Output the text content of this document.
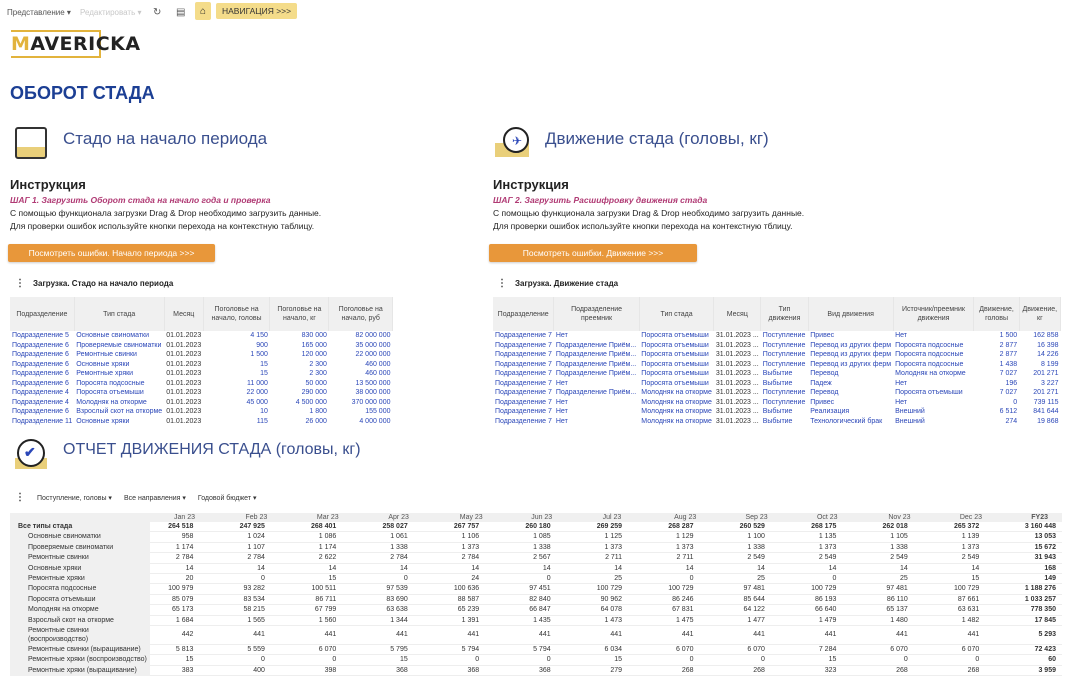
Представление ▾ Редактировать ▾ ↻ ▤	⌂	НАВИГАЦИЯ >>>
M AVERICKA
ОБОРОТ СТАДА
Стадо на начало периода
Инструкция
ШАГ 1. Загрузить Оборот стада на начало года и проверка
С помощью функционала загрузки Drag & Drop необходимо загрузить данные.
Для проверки ошибок используйте кнопки перехода на контекстную таблицу.
Посмотреть ошибки. Начало периода >>>
⋮ Загрузка. Стадо на начало периода
Подразделение	Тип стада	Месяц	Поголовье на начало, головы	Поголовье на начало, кг	Поголовье на начало, руб
Подразделение 5	Основные свиноматки	01.01.2023	4 150	830 000	82 000 000
Подразделение 6	Проверяемые свиноматки	01.01.2023	900	165 000	35 000 000
Подразделение 6	Ремонтные свинки	01.01.2023	1 500	120 000	22 000 000
Подразделение 6	Основные хряки	01.01.2023	15	2 300	460 000
Подразделение 6	Ремонтные хряки	01.01.2023	15	2 300	460 000
Подразделение 6	Поросята подсосные	01.01.2023	11 000	50 000	13 500 000
Подразделение 4	Поросята отъемыши	01.01.2023	22 000	290 000	38 000 000
Подразделение 4	Молодняк на откорме	01.01.2023	45 000	4 500 000	370 000 000
Подразделение 6	Взрослый скот на откорме	01.01.2023	10	1 800	155 000
Подразделение 11	Основные хряки	01.01.2023	115	26 000	4 000 000
✈ Движение стада (головы, кг)
Инструкция
ШАГ 2. Загрузить Расшифровку движения стада
С помощью функционала загрузки Drag & Drop необходимо загрузить данные.
Для проверки ошибок используйте кнопки перехода на контекстную тблицу.
Посмотреть ошибки. Движение >>>
⋮ Загрузка. Движение стада
Подразделение	Подразделение преемник	Тип стада	Месяц	Тип движения	Вид движения	Источник/преемник движения	Движение, головы	Движение, кг
Подразделение 7	Нет	Поросята отъемыши	31.01.2023 ...	Поступление	Привес	Нет	1 500	162 858
Подразделение 7	Подразделение Приём...	Поросята отъемыши	31.01.2023 ...	Поступление	Перевод из других ферм	Поросята подсосные	2 877	16 398
Подразделение 7	Подразделение Приём...	Поросята отъемыши	31.01.2023 ...	Поступление	Перевод из других ферм	Поросята подсосные	2 877	14 226
Подразделение 7	Подразделение Приём...	Поросята отъемыши	31.01.2023 ...	Поступление	Перевод из других ферм	Поросята подсосные	1 438	8 199
Подразделение 7	Подразделение Приём...	Поросята отъемыши	31.01.2023 ...	Выбытие	Перевод	Молодняк на откорме	7 027	201 271
Подразделение 7	Нет	Поросята отъемыши	31.01.2023 ...	Выбытие	Падеж	Нет	196	3 227
Подразделение 7	Подразделение Приём...	Молодняк на откорме	31.01.2023 ...	Поступление	Перевод	Поросята отъемыши	7 027	201 271
Подразделение 7	Нет	Молодняк на откорме	31.01.2023 ...	Поступление	Привес	Нет	0	739 115
Подразделение 7	Нет	Молодняк на откорме	31.01.2023 ...	Выбытие	Реализация	Внешний	6 512	841 644
Подразделение 7	Нет	Молодняк на откорме	31.01.2023 ...	Выбытие	Технологический брак	Внешний	274	19 868
✔ ОТЧЕТ ДВИЖЕНИЯ СТАДА (головы, кг)
⋮ Поступление, головы ▾ Все направления ▾ Годовой бюджет ▾
	Jan 23	Feb 23	Mar 23	Apr 23	May 23	Jun 23	Jul 23	Aug 23	Sep 23	Oct 23	Nov 23	Dec 23	FY23
Все типы стада	264 518	247 925	268 401	258 027	267 757	260 180	269 259	268 287	260 529	268 175	262 018	265 372	3 160 448
Основные свиноматки	958	1 024	1 086	1 061	1 106	1 085	1 125	1 129	1 100	1 135	1 105	1 139	13 053
Проверяемые свиноматки	1 174	1 107	1 174	1 338	1 373	1 338	1 373	1 373	1 338	1 373	1 338	1 373	15 672
Ремонтные свинки	2 784	2 784	2 622	2 784	2 784	2 567	2 711	2 711	2 549	2 549	2 549	2 549	31 943
Основные хряки	14	14	14	14	14	14	14	14	14	14	14	14	168
Ремонтные хряки	20	0	15	0	24	0	25	0	25	0	25	15	149
Поросята подсосные	100 979	93 282	100 511	97 539	100 636	97 451	100 729	100 729	97 481	100 729	97 481	100 729	1 188 276
Поросята отъемыши	85 079	83 534	86 711	83 690	88 587	82 840	90 962	86 246	85 644	86 193	86 110	87 661	1 033 257
Молодняк на откорме	65 173	58 215	67 799	63 638	65 239	66 847	64 078	67 831	64 122	66 640	65 137	63 631	778 350
Взрослый скот на откорме	1 684	1 565	1 560	1 344	1 391	1 435	1 473	1 475	1 477	1 479	1 480	1 482	17 845
Ремонтные свинки (воспроизводство)	442	441	441	441	441	441	441	441	441	441	441	441	5 293
Ремонтные свинки (выращивание)	5 813	5 559	6 070	5 795	5 794	5 794	6 034	6 070	6 070	7 284	6 070	6 070	72 423
Ремонтные хряки (воспроизводство)	15	0	0	15	0	0	15	0	0	15	0	0	60
Ремонтные хряки (выращивание)	383	400	398	368	368	368	279	268	268	323	268	268	3 959
